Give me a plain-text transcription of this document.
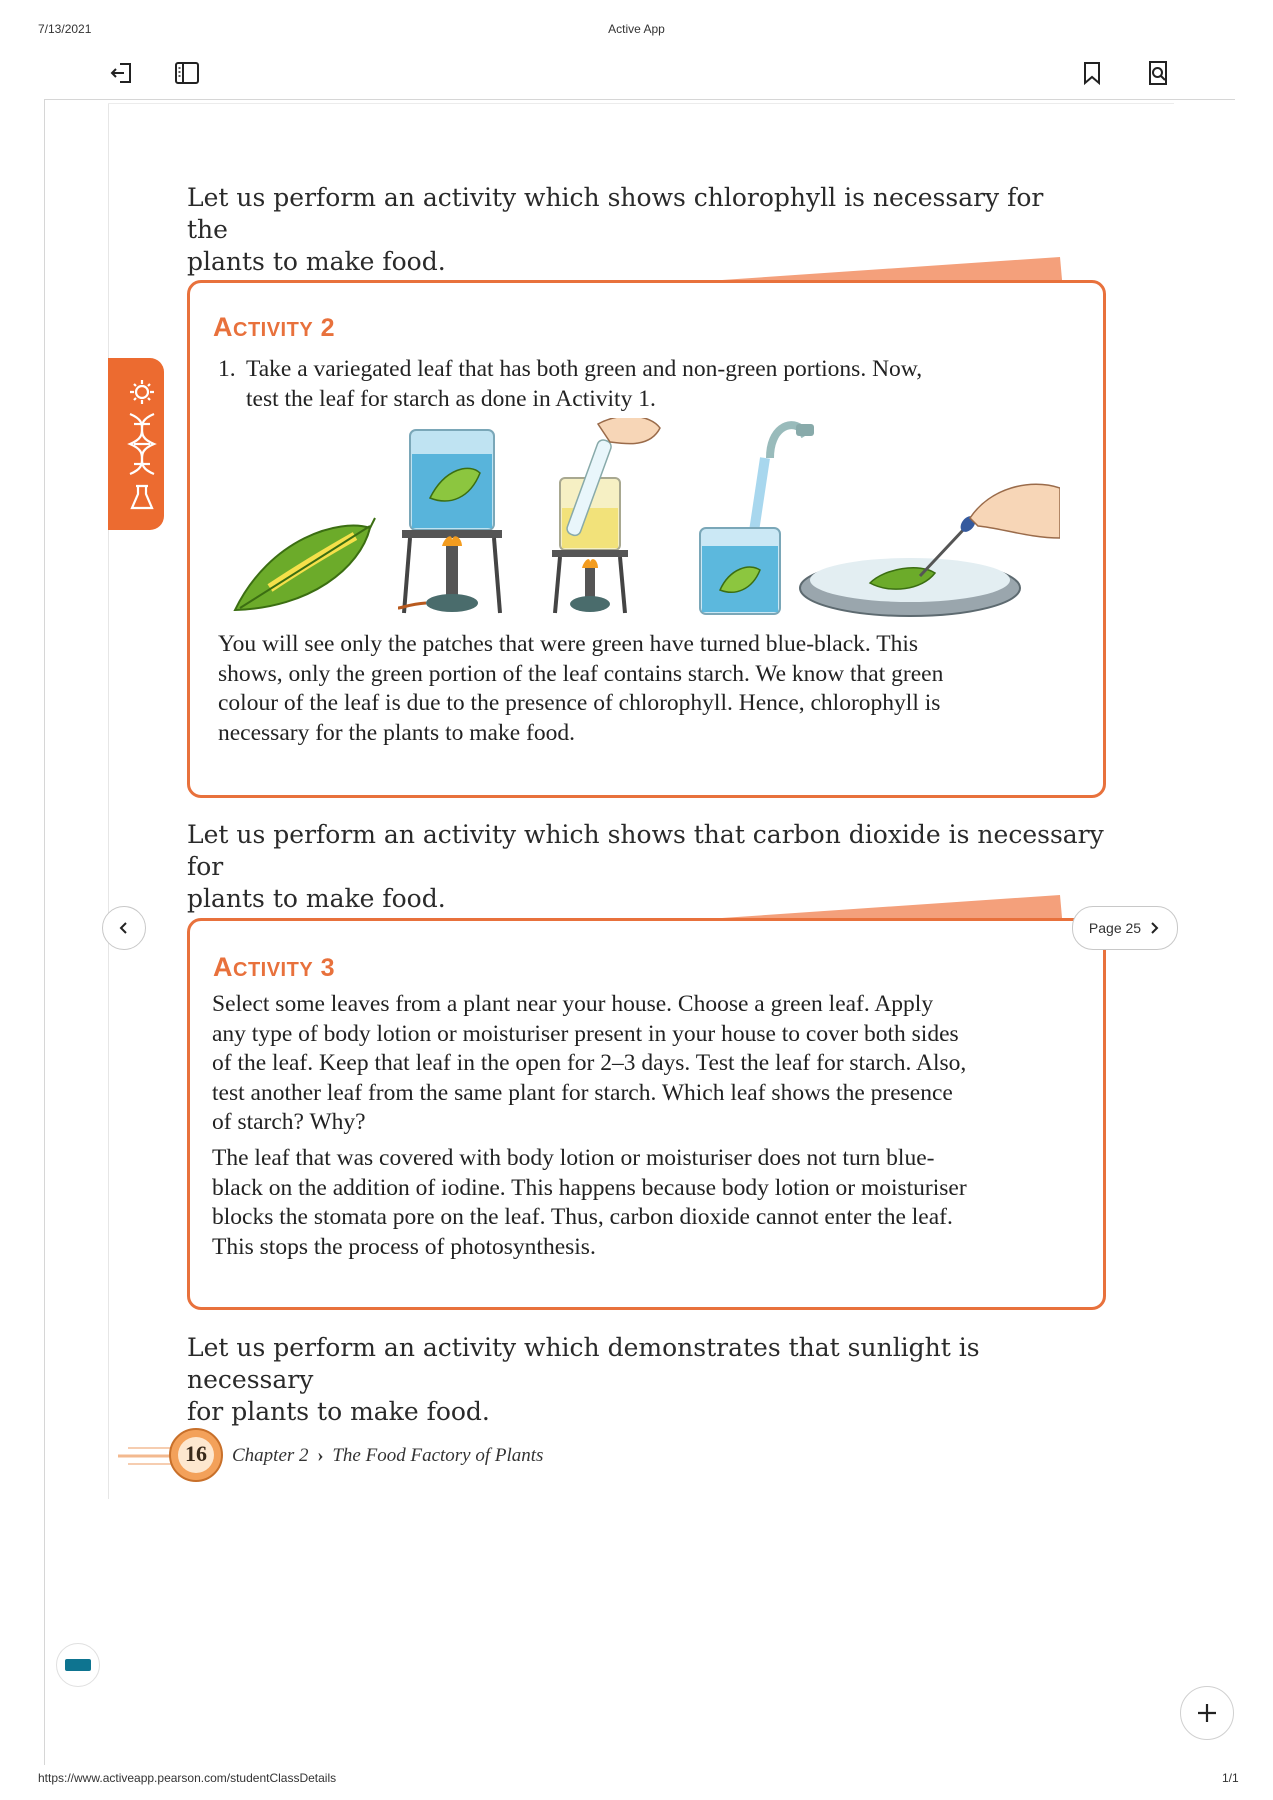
7/13/2021	Active App
Let us perform an activity which shows chlorophyll is necessary for the
plants to make food.
ACTIVITY 2
1. Take a variegated leaf that has both green and non-green portions. Now,
test the leaf for starch as done in Activity 1.
You will see only the patches that were green have turned blue-black. This
shows, only the green portion of the leaf contains starch. We know that green
colour of the leaf is due to the presence of chlorophyll. Hence, chlorophyll is
necessary for the plants to make food.
Let us perform an activity which shows that carbon dioxide is necessary for
plants to make food.
ACTIVITY 3
Select some leaves from a plant near your house. Choose a green leaf. Apply
any type of body lotion or moisturiser present in your house to cover both sides
of the leaf. Keep that leaf in the open for 2–3 days. Test the leaf for starch. Also,
test another leaf from the same plant for starch. Which leaf shows the presence
of starch? Why?
The leaf that was covered with body lotion or moisturiser does not turn blue-
black on the addition of iodine. This happens because body lotion or moisturiser
blocks the stomata pore on the leaf. Thus, carbon dioxide cannot enter the leaf.
This stops the process of photosynthesis.
Let us perform an activity which demonstrates that sunlight is necessary
for plants to make food.
16	Chapter 2 › The Food Factory of Plants
Page 25
https://www.activeapp.pearson.com/studentClassDetails	1/1
